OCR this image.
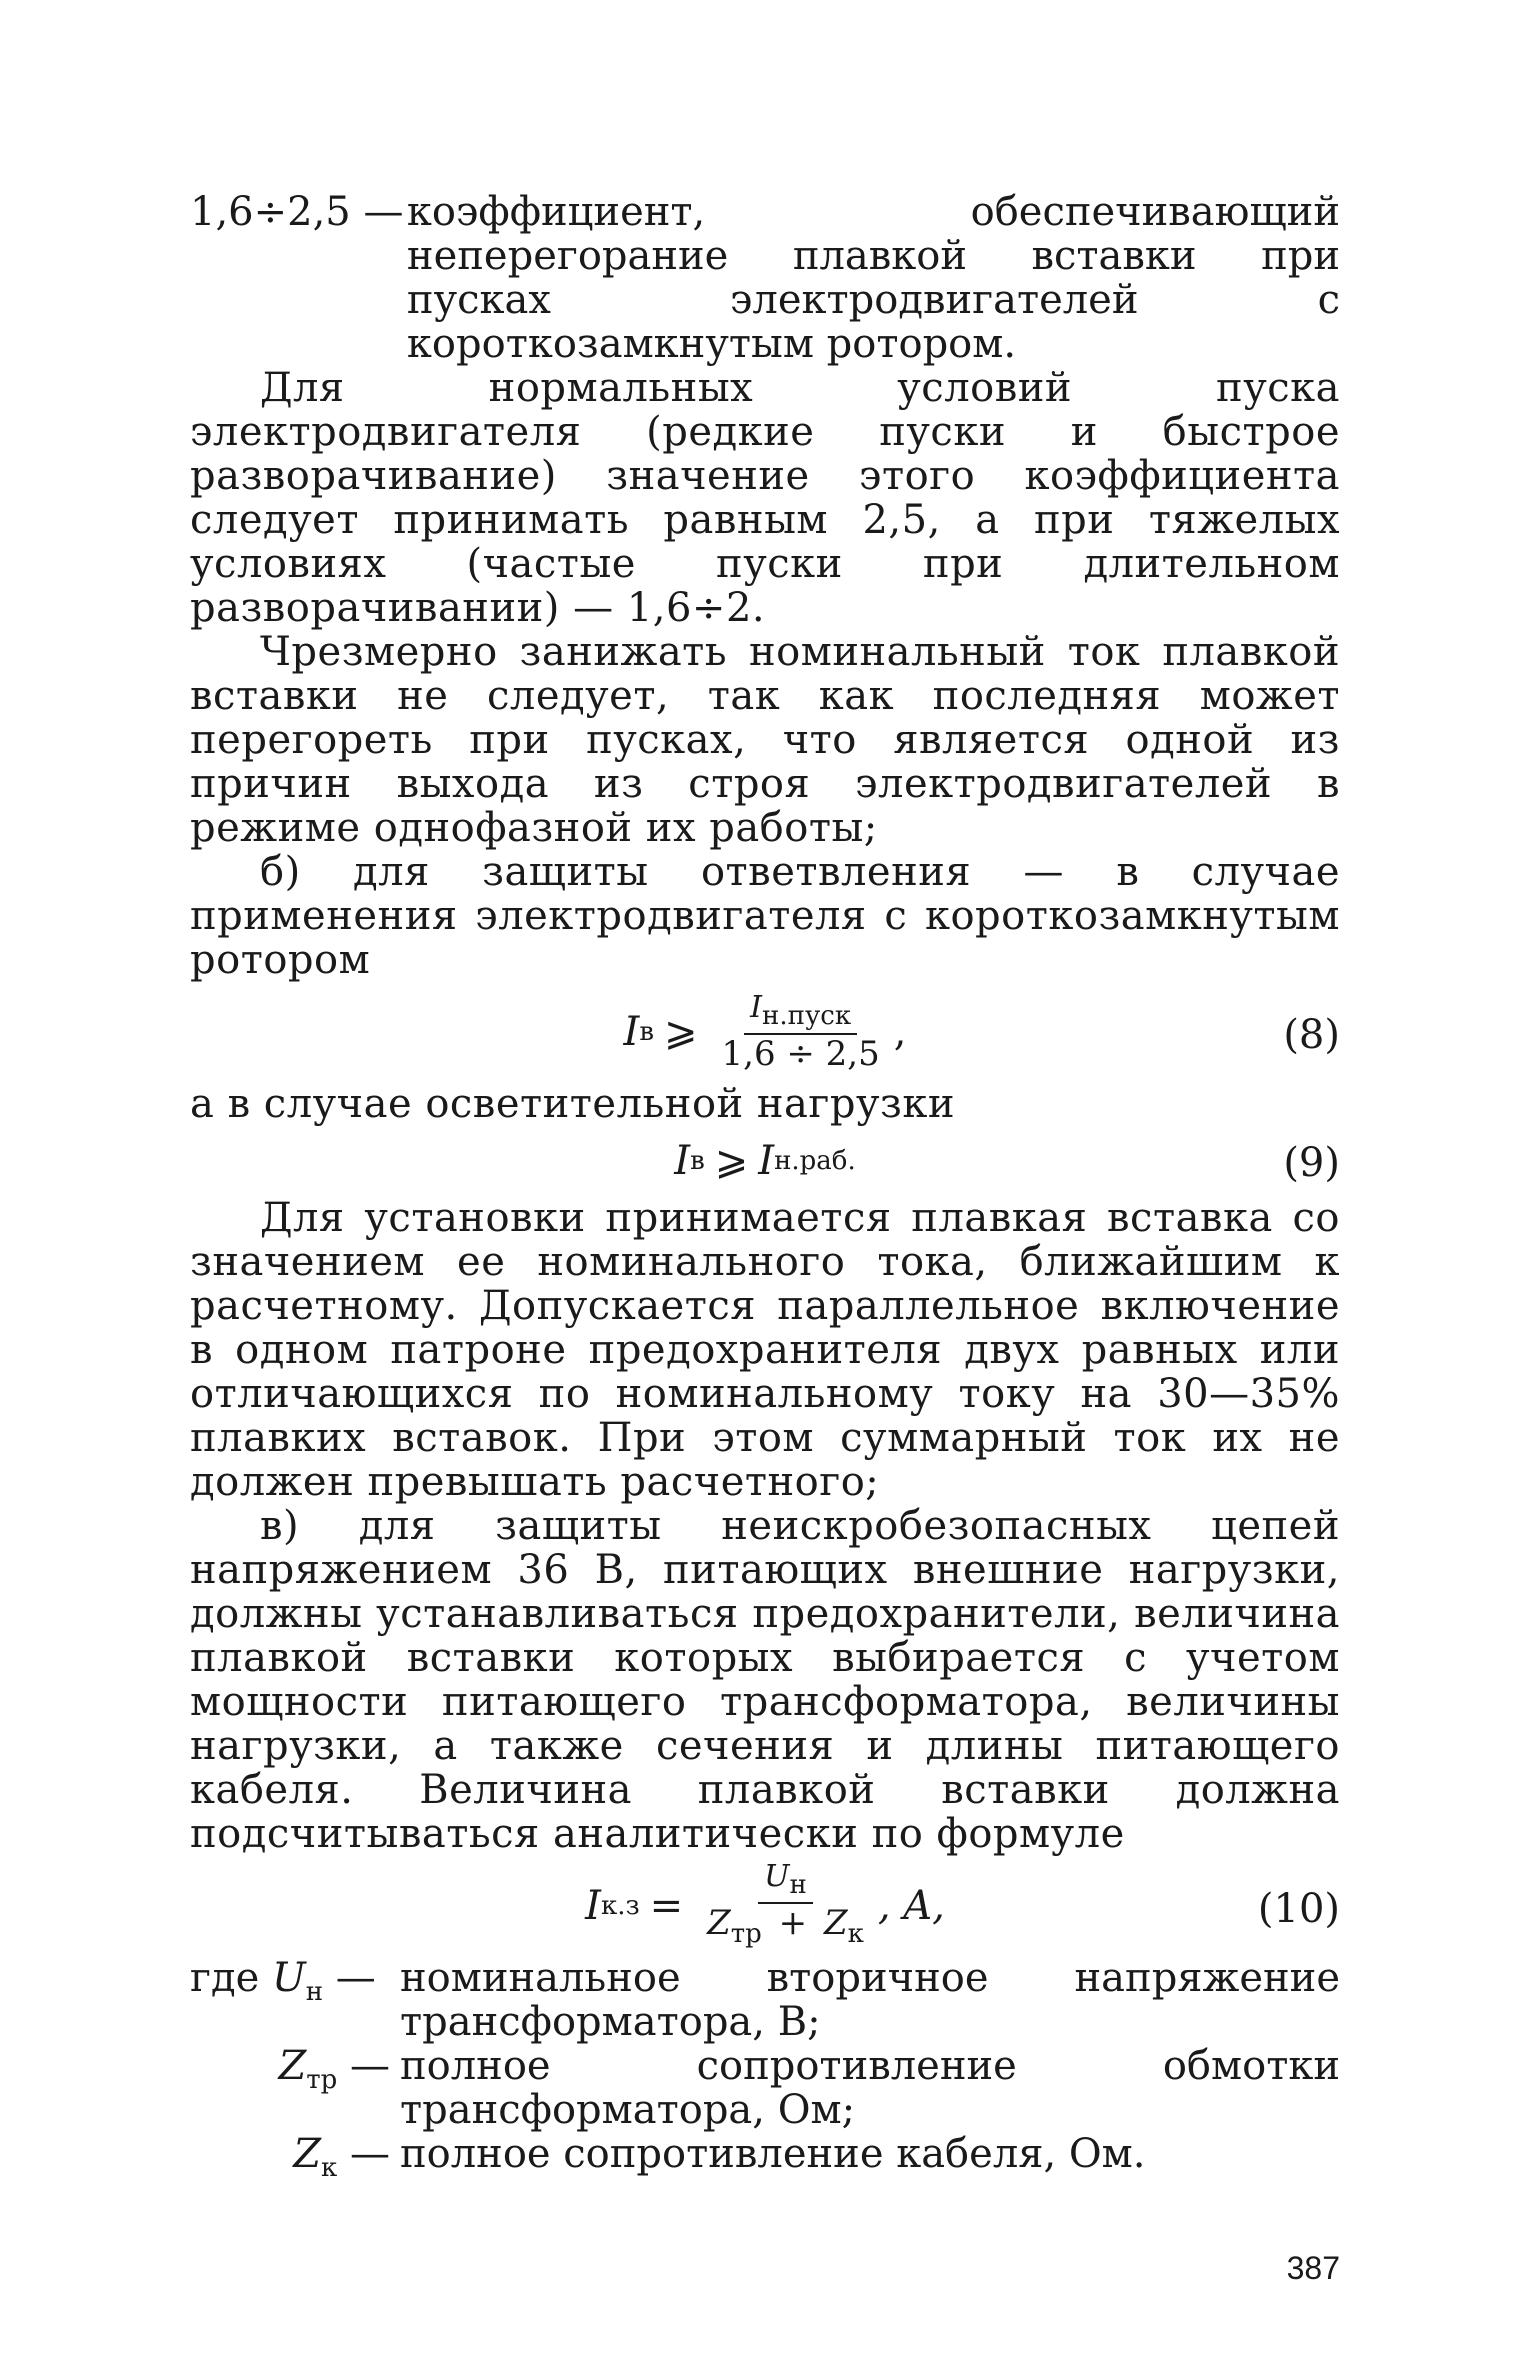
1,6÷2,5 — коэффициент, обеспечивающий неперегорание плавкой вставки при пусках электродвигателей с короткозамкнутым ротором.
Для нормальных условий пуска электродвигателя (редкие пуски и быстрое разворачивание) значение этого коэффициента следует принимать равным 2,5, а при тяжелых условиях (частые пуски при длительном разворачивании) — 1,6÷2.
Чрезмерно занижать номинальный ток плавкой вставки не следует, так как последняя может перегореть при пусках, что является одной из причин выхода из строя электродвигателей в режиме однофазной их работы;
б) для защиты ответвления — в случае применения электродвигателя с короткозамкнутым ротором
I в ⩾ $\frac{I_{н.пуск}}{1,6 \div 2,5}$ ,	(8)
а в случае осветительной нагрузки
I в ⩾ I н.раб.	(9)
Для установки принимается плавкая вставка со значением ее номинального тока, ближайшим к расчетному. Допускается параллельное включение в одном патроне предохранителя двух равных или отличающихся по номинальному току на 30—35% плавких вставок. При этом суммарный ток их не должен превышать расчетного;
в) для защиты неискробезопасных цепей напряжением 36 В, питающих внешние нагрузки, должны устанавливаться предохранители, величина плавкой вставки которых выбирается с учетом мощности питающего трансформатора, величины нагрузки, а также сечения и длины питающего кабеля. Величина плавкой вставки должна подсчитываться аналитически по формуле
I $к.з = \frac{U_н}{Z_{тр} + Z_к}$ , A,	(10)
где $U_н$ — номинальное вторичное напряжение трансформатора, В;
$Z_{тр}$ — полное сопротивление обмотки трансформатора, Ом;
$Z_к$ — полное сопротивление кабеля, Ом.
387
